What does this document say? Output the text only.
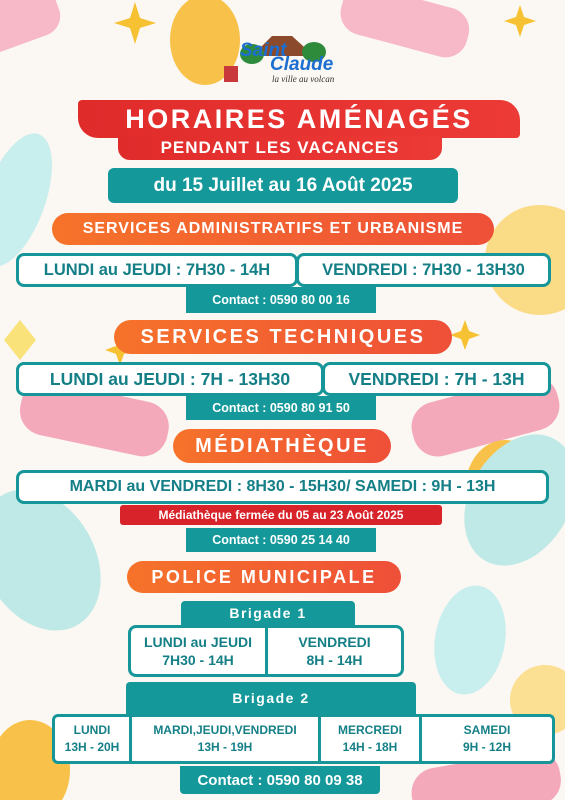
Saint
Claude
la ville au volcan
HORAIRES AMÉNAGÉS
PENDANT LES VACANCES
du 15 Juillet au 16 Août 2025
SERVICES ADMINISTRATIFS ET URBANISME
LUNDI au JEUDI : 7H30 - 14H	VENDREDI : 7H30 - 13H30
Contact : 0590 80 00 16
SERVICES TECHNIQUES
LUNDI au JEUDI : 7H - 13H30	VENDREDI : 7H - 13H
Contact : 0590 80 91 50
MÉDIATHÈQUE
MARDI au VENDREDI : 8H30 - 15H30/ SAMEDI : 9H - 13H
Médiathèque fermée du 05 au 23 Août 2025
Contact : 0590 25 14 40
POLICE MUNICIPALE
Brigade 1
LUNDI au JEUDI
7H30 - 14H
VENDREDI
8H - 14H
Brigade 2
LUNDI
13H - 20H
MARDI,JEUDI,VENDREDI
13H - 19H
MERCREDI
14H - 18H
SAMEDI
9H - 12H
Contact : 0590 80 09 38
